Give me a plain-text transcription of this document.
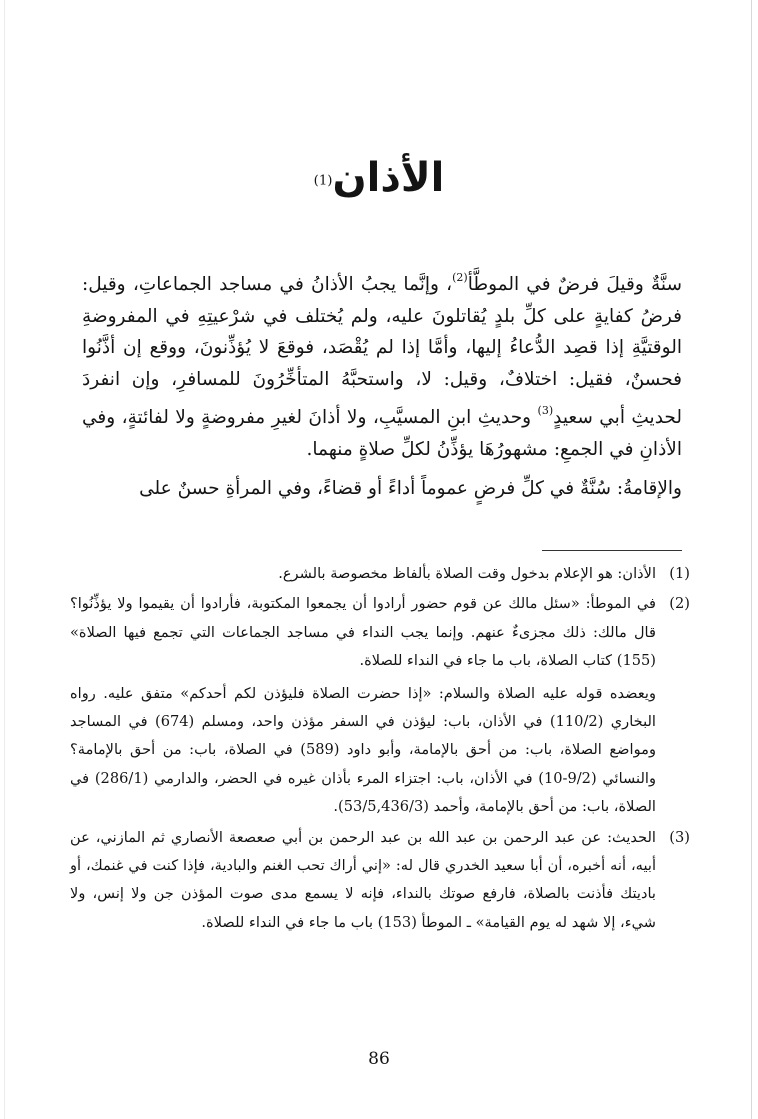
الأذان$^{(1)}$

سنَّةٌ وقيلَ فرضٌ في الموطَّأ$^{(2)}$، وإنَّما يجبُ الأذانُ في مساجد الجماعاتِ، وقيل: فرضُ كفايةٍ على كلِّ بلدٍ يُقاتلونَ عليه، ولم يُختلف في شرْعيتِهِ في المفروضةِ الوقتيَّةِ إذا قصِد الدُّعاءُ إليها، وأمَّا إذا لم يُقْصَد، فوقعَ لا يُؤذِّنونَ، ووقع إن أذَّنُوا فحسنٌ، فقيل: اختلافٌ، وقيل: لا، واستحبَّهُ المتأخِّرُونَ للمسافرِ، وإن انفردَ لحديثِ أبي سعيدٍ$^{(3)}$ وحديثِ ابنِ المسيَّبِ، ولا أذانَ لغيرِ مفروضةٍ ولا لفائتةٍ، وفي الأذانِ في الجمعِ: مشهورُهَا يؤذِّنُ لكلِّ صلاةٍ منهما.

والإقامةُ: سُنَّةٌ في كلِّ فرضٍ عموماً أداءً أو قضاءً، وفي المرأةِ حسنٌ على

(1)

الأذان: هو الإعلام بدخول وقت الصلاة بألفاظ مخصوصة بالشرع.

(2)

في الموطأ: «سئل مالك عن قوم حضور أرادوا أن يجمعوا المكتوبة، فأرادوا أن يقيموا ولا يؤذِّنُوا؟ قال مالك: ذلك مجزىءٌ عنهم. وإنما يجب النداء في مساجد الجماعات التي تجمع فيها الصلاة» (155) كتاب الصلاة، باب ما جاء في النداء للصلاة.

ويعضده قوله عليه الصلاة والسلام: «إذا حضرت الصلاة فليؤذن لكم أحدكم» متفق عليه. رواه البخاري (110/2) في الأذان، باب: ليؤذن في السفر مؤذن واحد، ومسلم (674) في المساجد ومواضع الصلاة، باب: من أحق بالإمامة، وأبو داود (589) في الصلاة، باب: من أحق بالإمامة؟ والنسائي (9/2-10) في الأذان، باب: اجتزاء المرء بأذان غيره في الحضر، والدارمي (286/1) في الصلاة، باب: من أحق بالإمامة، وأحمد (53/5,436/3).

(3)

الحديث: عن عبد الرحمن بن عبد الله بن عبد الرحمن بن أبي صعصعة الأنصاري ثم المازني، عن أبيه، أنه أخبره، أن أبا سعيد الخدري قال له: «إني أراك تحب الغنم والبادية، فإذا كنت في غنمك، أو باديتك فأذنت بالصلاة، فارفع صوتك بالنداء، فإنه لا يسمع مدى صوت المؤذن جن ولا إنس، ولا شيء، إلا شهد له يوم القيامة» ـ الموطأ (153) باب ما جاء في النداء للصلاة.

86
